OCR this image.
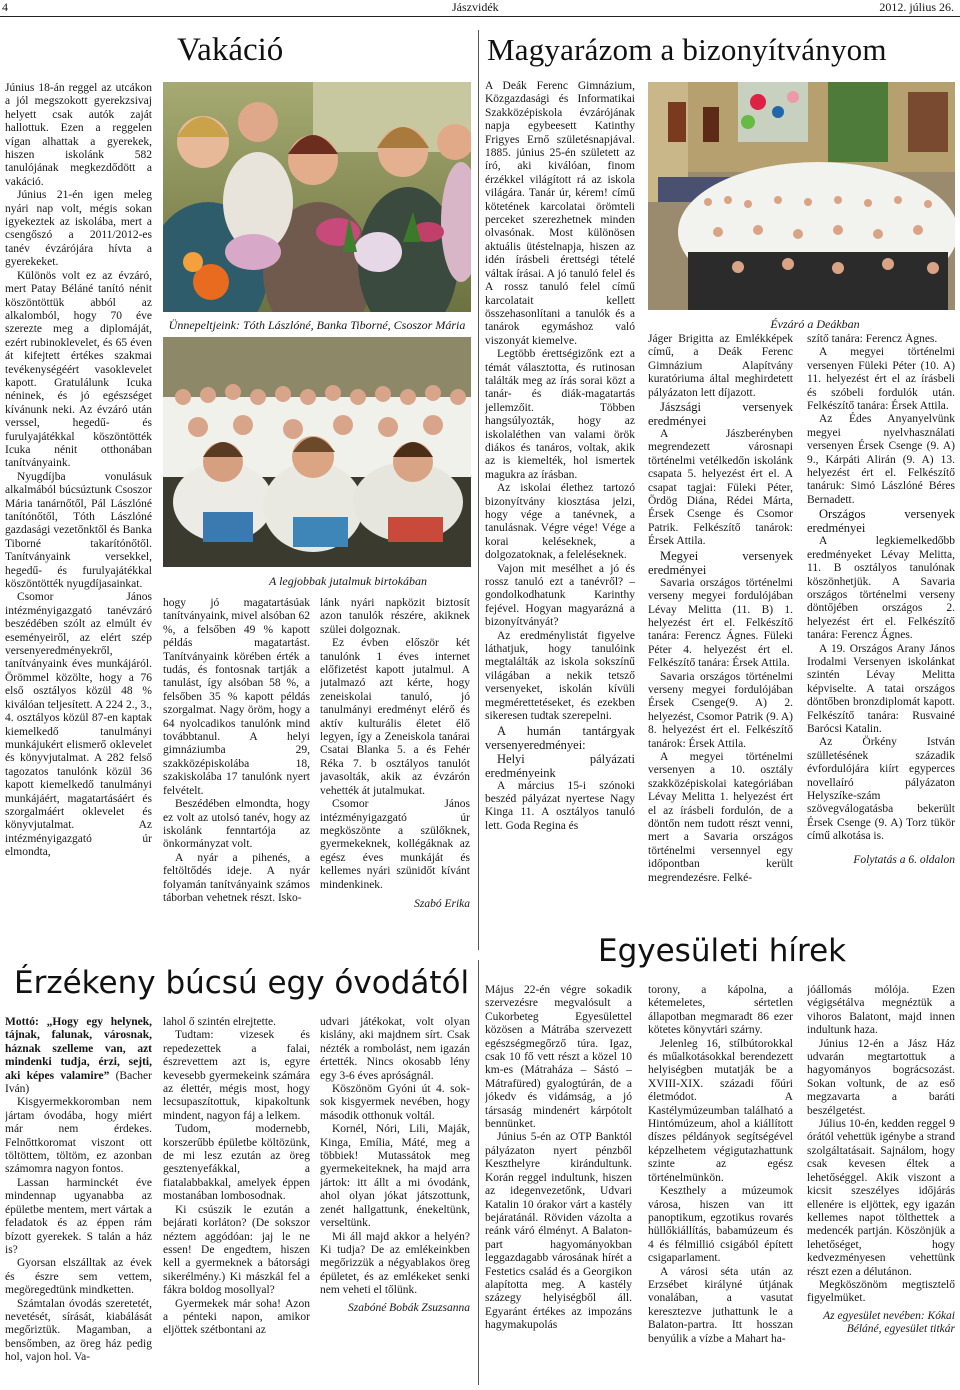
4	Jászvidék	2012. július 26.
Vakáció

Június 18-án reggel az utcákon a jól megszokott gyerekzsivaj helyett csak autók zaját hallottuk. Ezen a reggelen vígan alhattak a gyerekek, hiszen iskolánk 582 tanulójának megkezdődött a vakáció.

Június 21-én igen meleg nyári nap volt, mégis sokan igyekeztek az iskolába, mert a csengőszó a 2011/2012-es tanév évzárójára hívta a gyerekeket.

Különös volt ez az évzáró, mert Patay Béláné tanító nénit köszöntöttük abból az alkalomból, hogy 70 éve szerezte meg a diplomáját, ezért rubinoklevelet, és 65 éven át kifejtett értékes szakmai tevékenységéért vasoklevelet kapott. Gratulálunk Icuka néninek, és jó egészséget kívánunk neki. Az évzáró után verssel, hegedű- és furulyajátékkal köszöntötték Icuka nénit otthonában tanítványaink.

Nyugdíjba vonulásuk alkalmából búcsúztunk Csoszor Mária tanárnőtől, Pál Lászlóné tanítónőtől, Tóth Lászlóné gazdasági vezetőnktől és Banka Tiborné takarítónőtől. Tanítványaink versekkel, hegedű- és furulyajátékkal köszöntötték nyugdíjasainkat.

Csomor János intézményigazgató tanévzáró beszédében szólt az elmúlt év eseményeiről, az elért szép versenyeredményekről, tanítványaink éves munkájáról. Örömmel közölte, hogy a 76 első osztályos közül 48 % kiválóan teljesített. A 224 2., 3., 4. osztályos közül 87-en kaptak kiemelkedő tanulmányi munkájukért elismerő oklevelet és könyvjutalmat. A 282 felső tagozatos tanulónk közül 36 kapott kiemelkedő tanulmányi munkájáért, magatartásáért és szorgalmáért oklevelet és könyvjutalmat. Az intézményigazgató úr elmondta,

Ünnepeltjeink: Tóth Lászlóné, Banka Tiborné, Csoszor Mária
A legjobbak jutalmuk birtokában

hogy jó magatartásúak tanítványaink, mivel alsóban 62 %, a felsőben 49 % kapott példás magatartást. Tanítványaink körében érték a tudás, és fontosnak tartják a tanulást, így alsóban 58 %, a felsőben 35 % kapott példás szorgalmat. Nagy öröm, hogy a 64 nyolcadikos tanulónk mind továbbtanul. A helyi gimnáziumba 29, szakközépiskolába 18, szakiskolába 17 tanulónk nyert felvételt.

Beszédében elmondta, hogy ez volt az utolsó tanév, hogy az iskolánk fenntartója az önkormányzat volt.

A nyár a pihenés, a feltöltődés ideje. A nyár folyamán tanítványaink számos táborban vehetnek részt. Isko-

lánk nyári napközit biztosít azon tanulók részére, akiknek szülei dolgoznak.

Ez évben először két tanulónk 1 éves internet előfizetést kapott jutalmul. A jutalmazó azt kérte, hogy zeneiskolai tanuló, jó tanulmányi eredményt elérő és aktív kulturális életet élő legyen, így a Zeneiskola tanárai Csatai Blanka 5. a és Fehér Réka 7. b osztályos tanulót javasolták, akik az évzárón vehették át jutalmukat.

Csomor János intézményigazgató úr megköszönte a szülőknek, gyermekeknek, kollégáknak az egész éves munkáját és kellemes nyári szünidőt kívánt mindenkinek.

Szabó Erika
Magyarázom a bizonyítványom

A Deák Ferenc Gimnázium, Közgazdasági és Informatikai Szakközépiskola évzárójának napja egybeesett Katinthy Frigyes Ernő születésnapjával. 1885. június 25-én született az író, aki kiválóan, finom érzékkel világított rá az iskola világára. Tanár úr, kérem! című kötetének karcolatai örömteli perceket szerezhetnek minden olvasónak. Most különösen aktuális ütéstelnapja, hiszen az idén írásbeli érettségi tételé váltak írásai. A jó tanuló felel és A rossz tanuló felel című karcolatait kellett összehasonlítani a tanulók és a tanárok egymáshoz való viszonyát kiemelve.

Legtöbb érettségizőnk ezt a témát választotta, és rutinosan találták meg az írás sorai közt a tanár- és diák-magatartás jellemzőit. Többen hangsúlyozták, hogy az iskolaléthen van valami örök diákos és tanáros, voltak, akik az is kiemelték, hol ismertek magukra az írásban.

Az iskolai élethez tartozó bizonyítvány kiosztása jelzi, hogy vége a tanévnek, a tanulásnak. Végre vége! Vége a korai keléseknek, a dolgozatoknak, a feleléseknek.

Vajon mit mesélhet a jó és rossz tanuló ezt a tanévről? – gondolkodhatunk Karinthy fejével. Hogyan magyarázná a bizonyítványát?

Az eredménylistát figyelve láthatjuk, hogy tanulóink megtalálták az iskola sokszínű világában a nekik tetsző versenyeket, iskolán kívüli megmérettetéseket, és ezekben sikeresen tudtak szerepelni.

A humán tantárgyak versenyeredményei:

Helyi pályázati eredményeink

A március 15-i szónoki beszéd pályázat nyertese Nagy Kinga 11. A osztályos tanuló lett. Goda Regina és

Évzáró a Deákban

Jáger Brigitta az Emlékképek című, a Deák Ferenc Gimnázium Alapítvány kuratóriuma által meghirdetett pályázaton lett díjazott.

Jászsági versenyek eredményei

A Jászberényben megrendezett városnapi történelmi vetélkedőn iskolánk csapata 5. helyezést ért el. A csapat tagjai: Füleki Péter, Ördög Diána, Rédei Márta, Érsek Csenge és Csomor Patrik. Felkészítő tanárok: Érsek Attila.

Megyei versenyek eredményei

Savaria országos történelmi verseny megyei fordulójában Lévay Melitta (11. B) 1. helyezést ért el. Felkészítő tanára: Ferencz Ágnes. Füleki Péter 4. helyezést ért el. Felkészítő tanára: Érsek Attila.

Savaria országos történelmi verseny megyei fordulójában Érsek Csenge(9. A) 2. helyezést, Csomor Patrik (9. A) 8. helyezést ért el. Felkészítő tanárok: Érsek Attila.

A megyei történelmi versenyen a 10. osztály szakközépiskolai kategóriában Lévay Melitta 1. helyezést ért el az írásbeli fordulón, de a döntőn nem tudott részt venni, mert a Savaria országos történelmi versennyel egy időpontban került megrendezésre. Felké-

szítő tanára: Ferencz Ágnes.

A megyei történelmi versenyen Füleki Péter (10. A) 11. helyezést ért el az írásbeli és szóbeli fordulók után. Felkészítő tanára: Érsek Attila.

Az Édes Anyanyelvünk megyei nyelvhasználati versenyen Érsek Csenge (9. A) 9., Kárpáti Alirán (9. A) 13. helyezést ért el. Felkészítő tanáruk: Simó Lászlóné Béres Bernadett.

Országos versenyek eredményei

A legkiemelkedőbb eredményeket Lévay Melitta, 11. B osztályos tanulónak köszönhetjük. A Savaria országos történelmi verseny döntőjében országos 2. helyezést ért el. Felkészítő tanára: Ferencz Ágnes.

A 19. Országos Arany János Irodalmi Versenyen iskolánkat szintén Lévay Melitta képviselte. A tatai országos döntőben bronzdiplomát kapott. Felkészítő tanára: Rusvainé Barócsi Katalin.

Az Örkény István szülletésének századik évfordulójára kiírt egyperces novellaíró pályázaton Helyszíke-szám szövegválogatásba bekerült Érsek Csenge (9. A) Torz tükör című alkotása is.

Folytatás a 6. oldalon
Egyesületi hírek
Érzékeny búcsú egy óvodától

Mottó: „Hogy egy helynek, tájnak, falunak, városnak, háznak szelleme van, azt mindenki tudja, érzi, sejti, aki képes valamire” (Bacher Iván)

Kisgyermekkoromban nem jártam óvodába, hogy miért már nem érdekes. Felnőttkoromat viszont ott töltöttem, töltöm, ez azonban számomra nagyon fontos.

Lassan harminckét éve mindennap ugyanabba az épületbe mentem, mert vártak a feladatok és az éppen rám bízott gyerekek. S talán a ház is?

Gyorsan elszálltak az évek és észre sem vettem, megöregedtünk mindketten.

Számtalan óvodás szeretetét, nevetését, sírását, kiabálását megőriztük. Magamban, a bensőmben, az öreg ház pedig hol, vajon hol. Va-

lahol ő szintén elrejtette.

Tudtam: vizesek és repedezettek a falai, észrevettem azt is, egyre kevesebb gyermekeink számára az élettér, mégis most, hogy lecsupaszítottuk, kipakoltunk mindent, nagyon fáj a lelkem.

Tudom, modernebb, korszerűbb épületbe költözünk, de mi lesz ezután az öreg gesztenyefákkal, a fiatalabbakkal, amelyek éppen mostanában lombosodnak.

Ki csúszik le ezután a bejárati korláton? (De sokszor néztem aggódóan: jaj le ne essen! De engedtem, hiszen kell a gyermeknek a bátorsági sikerélmény.) Ki mászkál fel a fákra boldog mosollyal?

Gyermekek már soha! Azon a pénteki napon, amikor eljöttek szétbontani az

udvari játékokat, volt olyan kislány, aki majdnem sírt. Csak nézték a rombolást, nem igazán értették. Nincs okosabb lény egy 3-6 éves apróságnál.

Köszönöm Gyóni út 4. sok-sok kisgyermek nevében, hogy második otthonuk voltál.

Kornél, Nóri, Lili, Maják, Kinga, Emília, Máté, meg a többiek! Mutassátok meg gyermekeiteknek, ha majd arra jártok: itt állt a mi óvodánk, ahol olyan jókat játszottunk, zenét hallgattunk, énekeltünk, verseltünk.

Mi áll majd akkor a helyén? Ki tudja? De az emlékeinkben megőrizzük a négyablakos öreg épületet, és az emlékeket senki nem veheti el tőlünk.

Szabóné Bobák Zsuzsanna

Május 22-én végre sokadik szervezésre megvalósult a Cukorbeteg Egyesülettel közösen a Mátrába szervezett egészségmegőrző túra. Igaz, csak 10 fő vett részt a közel 10 km-es (Mátraháza – Sástó – Mátrafüred) gyalogtúrán, de a jókedv és vidámság, a jó társaság mindenért kárpótolt bennünket.

Június 5-én az OTP Banktól pályázaton nyert pénzből Keszthelyre kirándultunk. Korán reggel indultunk, hiszen az idegenvezetőnk, Udvari Katalin 10 órakor várt a kastély bejáratánál. Röviden vázolta a reánk váró élményt. A Balaton-part hagyományokban leggazdagabb városának hírét a Festetics család és a Georgikon alapította meg. A kastély százegy helyiségből áll. Egyaránt értékes az impozáns hagymakupolás

torony, a kápolna, a kétemeletes, sértetlen állapotban megmaradt 86 ezer kötetes könyvtári szárny.

Jelenleg 16, stílbútorokkal és műalkotásokkal berendezett helyiségben mutatják be a XVIII-XIX. századi főúri életmódot. A Kastélymúzeumban található a Hintómúzeum, ahol a kiállított díszes példányok segítségével képzelhetem végigutazhattunk szinte az egész történelmünkön.

Keszthely a múzeumok városa, hiszen van itt panoptikum, egzotikus rovarés hüllőkiállítás, babamúzeum és 4 és félmillió csigából épített csigaparlament.

A városi séta után az Erzsébet királyné útjának vonalában, a vasutat keresztezve juthattunk le a Balaton-partra. Itt hosszan benyúlik a vízbe a Mahart ha-

jóállomás mólója. Ezen végigsétálva megnéztük a vihoros Balatont, majd innen indultunk haza.

Június 12-én a Jász Ház udvarán megtartottuk a hagyományos bográcsozást. Sokan voltunk, de az eső megzavarta a baráti beszélgetést.

Július 10-én, kedden reggel 9 órától vehettük igénybe a strand szolgáltatásait. Sajnálom, hogy csak kevesen éltek a lehetőséggel. Akik viszont a kicsit szeszélyes időjárás ellenére is eljöttek, egy igazán kellemes napot tölthettek a medencék partján. Köszönjük a lehetőséget, hogy kedvezményesen vehettünk részt ezen a délutánon.

Megköszönöm megtisztelő figyelmüket.

Az egyesület nevében: Kókai
Béláné, egyesület titkár
